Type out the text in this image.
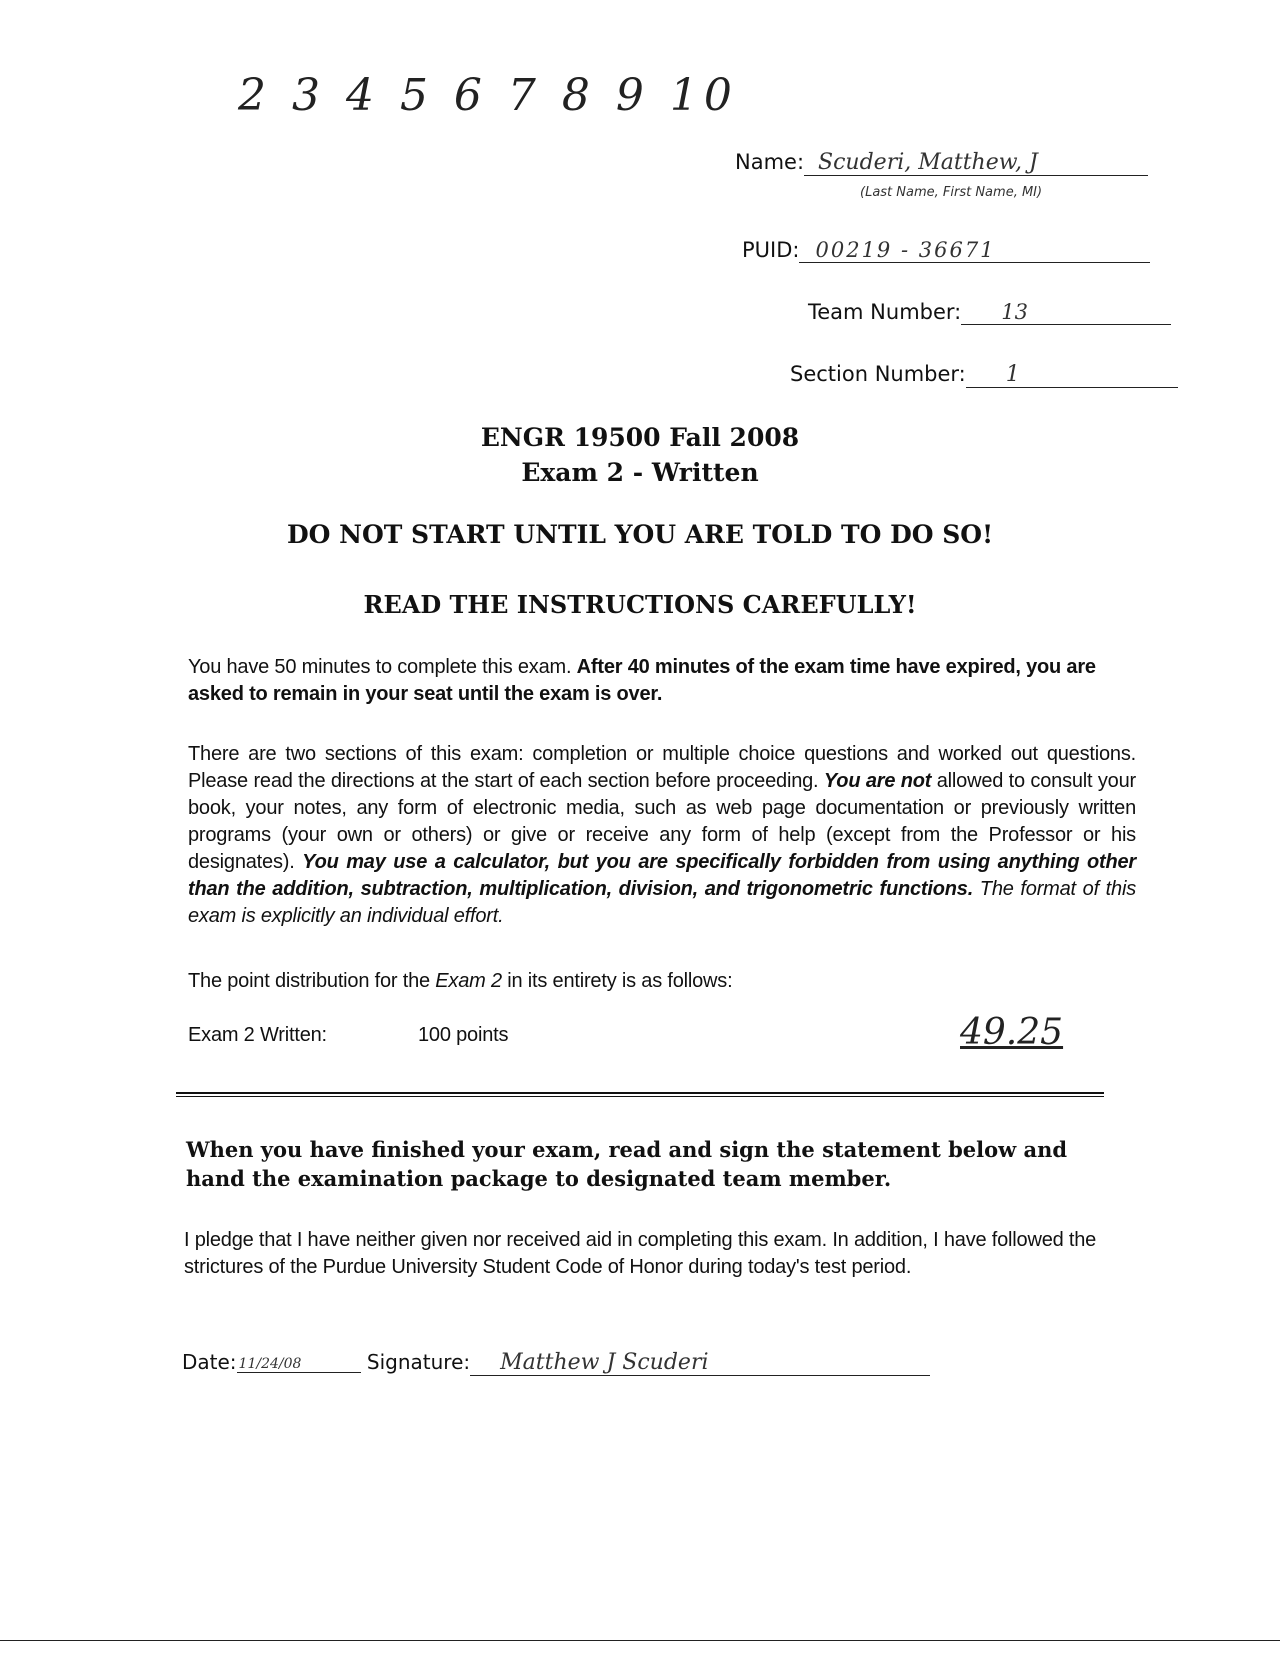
2 3 4 5 6 7 8 9 10
Name: Scuderi, Matthew, J
(Last Name, First Name, MI)
PUID: 00219 - 36671
Team Number: 13
Section Number: 1
ENGR 19500 Fall 2008
Exam 2 - Written
DO NOT START UNTIL YOU ARE TOLD TO DO SO!
READ THE INSTRUCTIONS CAREFULLY!
You have 50 minutes to complete this exam. After 40 minutes of the exam time have expired, you are asked to remain in your seat until the exam is over.
There are two sections of this exam: completion or multiple choice questions and worked out questions. Please read the directions at the start of each section before proceeding. You are not allowed to consult your book, your notes, any form of electronic media, such as web page documentation or previously written programs (your own or others) or give or receive any form of help (except from the Professor or his designates). You may use a calculator, but you are specifically forbidden from using anything other than the addition, subtraction, multiplication, division, and trigonometric functions. The format of this exam is explicitly an individual effort.
The point distribution for the Exam 2 in its entirety is as follows:
Exam 2 Written:	100 points	49.25
When you have finished your exam, read and sign the statement below and hand the examination package to designated team member.
I pledge that I have neither given nor received aid in completing this exam. In addition, I have followed the strictures of the Purdue University Student Code of Honor during today's test period.
Date: 11/24/08	Signature: Matthew J Scuderi
